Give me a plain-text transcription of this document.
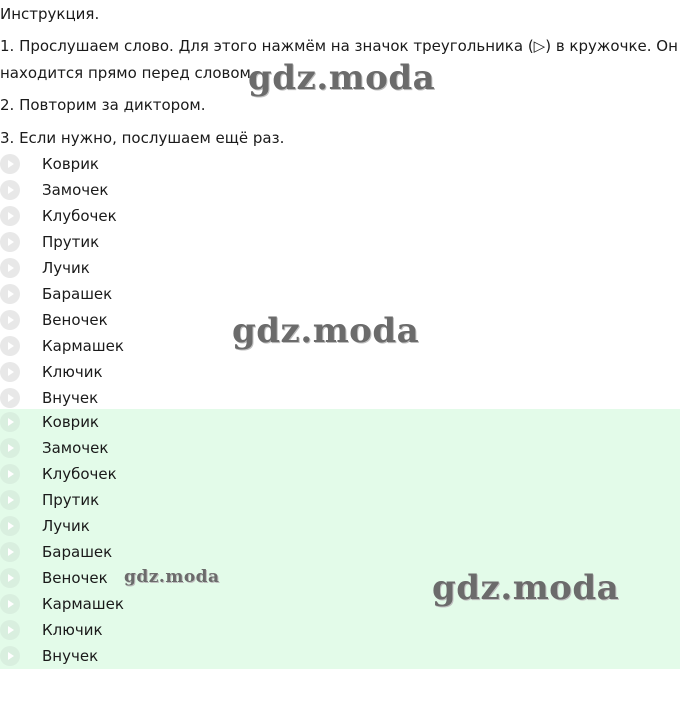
Инструкция.
1. Прослушаем слово. Для этого нажмём на значок треугольника (▷) в кружочке. Он
находится прямо перед словом.
2. Повторим за диктором.
3. Если нужно, послушаем ещё раз.
Коврик
Замочек
Клубочек
Прутик
Лучик
Барашек
Веночек
Кармашек
Ключик
Внучек
Коврик
Замочек
Клубочек
Прутик
Лучик
Барашек
Веночек
Кармашек
Ключик
Внучек
gdz.moda
gdz.moda
gdz.moda	gdz.moda
